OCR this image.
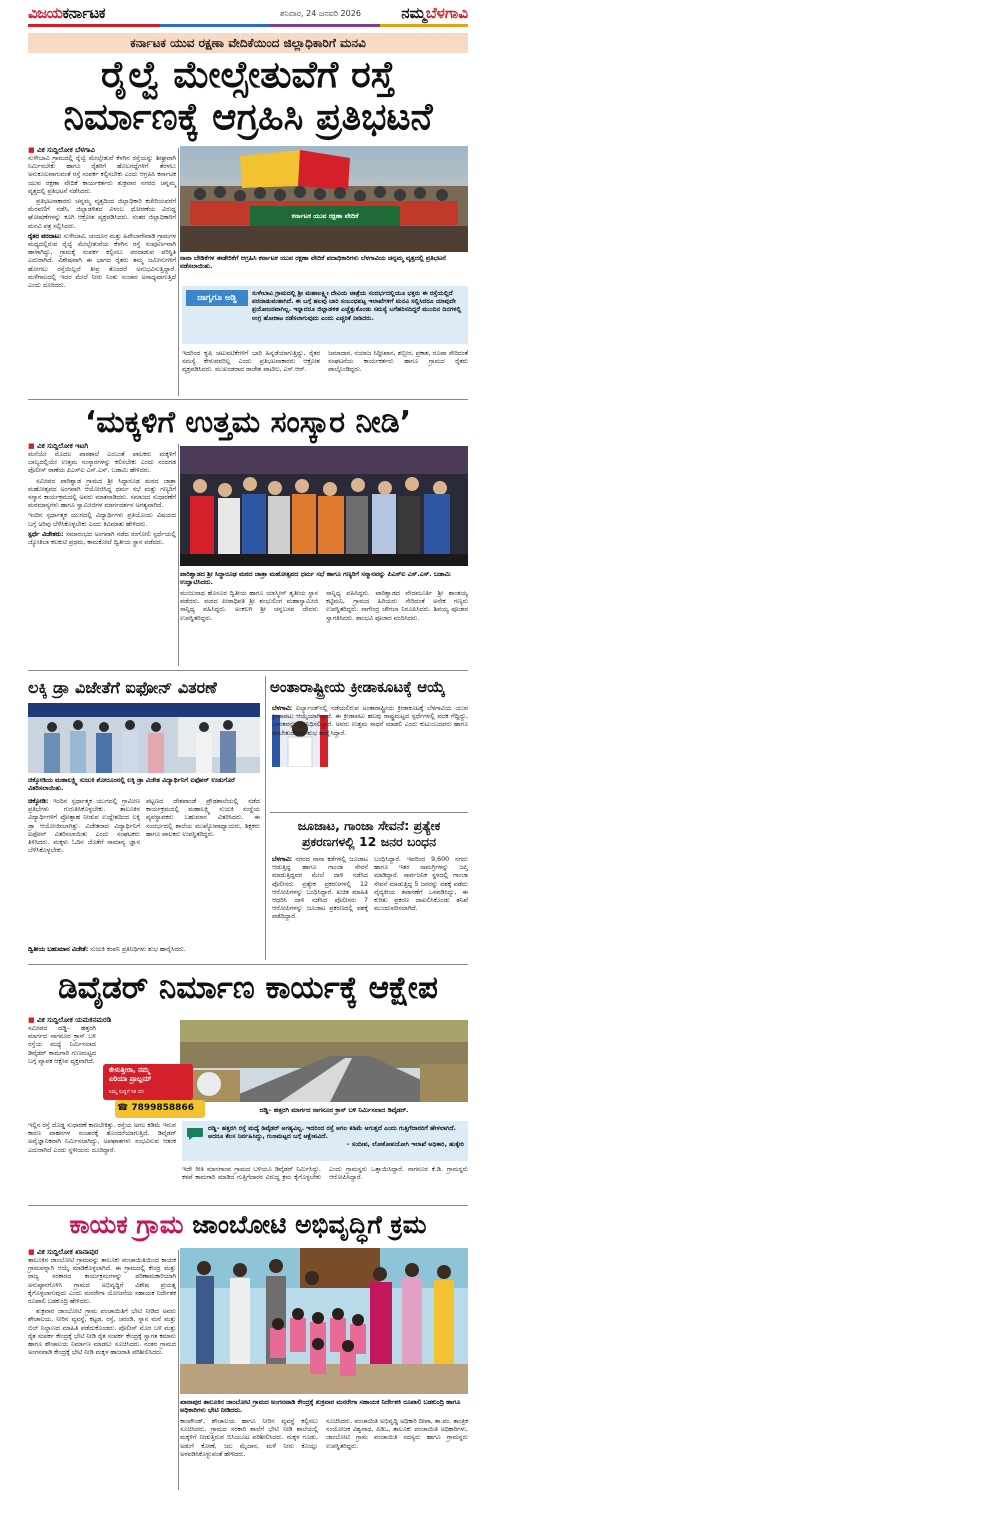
ವಿಜಯಕರ್ನಾಟಕ	ಶನಿವಾರ, 24 ಜನವರಿ 2026	ನಮ್ಮಬೆಳಗಾವಿ
ಕರ್ನಾಟಕ ಯುವ ರಕ್ಷಣಾ ವೇದಿಕೆಯಿಂದ ಜಿಲ್ಲಾಧಿಕಾರಿಗೆ ಮನವಿ
ರೈಲ್ವೆ ಮೇಲ್ಸೇತುವೆಗೆ ರಸ್ತೆ
ನಿರ್ಮಾಣಕ್ಕೆ ಆಗ್ರಹಿಸಿ ಪ್ರತಿಭಟನೆ
■ ವಿಕ ಸುದ್ದಿಲೋಕ ಬೆಳಗಾವಿ

ಸುಳೇಬಾವಿ ಗ್ರಾಮದಲ್ಲಿ ರೈಲ್ವೆ ಮೇಲ್ಸೇತುವೆ ಕೆಳಗಿನ ರಸ್ತೆಯನ್ನು ಶೀಘ್ರವಾಗಿ ನಿರ್ಮಿಸಬೇಕು ಹಾಗೂ ರೈತರಿಗೆ ಹೊಲಗದ್ದೆಗಳಿಗೆ ತೆರಳಲು ಅನುಕೂಲವಾಗುವಂತೆ ರಸ್ತೆ ಸಂಪರ್ಕ ಕಲ್ಪಿಸಬೇಕು ಎಂದು ಆಗ್ರಹಿಸಿ ಕರ್ನಾಟಕ ಯುವ ರಕ್ಷಣಾ ವೇದಿಕೆ ಕಾರ್ಯಕರ್ತರು ಶುಕ್ರವಾರ ನಗರದ ಚನ್ನಮ್ಮ ವೃತ್ತದಲ್ಲಿ ಪ್ರತಿಭಟನೆ ನಡೆಸಿದರು.

ಪ್ರತಿಭಟನಾಕಾರರು ಚನ್ನಮ್ಮ ವೃತ್ತದಿಂದ ಜಿಲ್ಲಾಧಿಕಾರಿ ಕಚೇರಿಯವರೆಗೆ ಮೆರವಣಿಗೆ ನಡೆಸಿ, ಜಿಲ್ಲಾಡಳಿತದ ವಿಳಂಬ ಧೋರಣೆಯ ವಿರುದ್ಧ ಘೋಷಣೆಗಳನ್ನು ಕೂಗಿ ಆಕ್ರೋಶ ವ್ಯಕ್ತಪಡಿಸಿದರು. ನಂತರ ಜಿಲ್ಲಾಧಿಕಾರಿಗೆ ಮನವಿ ಪತ್ರ ಸಲ್ಲಿಸಿದರು.

ರೈತರ ಪರದಾಟ: ಸುಳೇಬಾವಿ, ಚಂದೂರ ಮತ್ತು ಹಿರೇಬಾಗೇವಾಡಿ ಗ್ರಾಮಗಳ ಮಧ್ಯದಲ್ಲಿರುವ ರೈಲ್ವೆ ಮೇಲ್ಸೇತುವೆಯ ಕೆಳಗಿನ ರಸ್ತೆ ಸಂಪೂರ್ಣವಾಗಿ ಹಾಳಾಗಿದ್ದು, ಗ್ರಾಮಕ್ಕೆ ಸಂಪರ್ಕ ಕಲ್ಪಿಸಲು ಪರದಾಡುವ ಪರಿಸ್ಥಿತಿ ಎದುರಾಗಿದೆ. ವಿಶೇಷವಾಗಿ ಈ ಭಾಗದ ರೈತರು ತಮ್ಮ ಜಮೀನುಗಳಿಗೆ ಹೋಗಲು ರಸ್ತೆಯಿಲ್ಲದೆ ತೀವ್ರ ತೊಂದರೆ ಅನುಭವಿಸುತ್ತಿದ್ದಾರೆ. ಮಳೆಗಾಲದಲ್ಲಿ ಇದರ ಮೇಲೆ ನೀರು ನಿಂತು ಸಂಚಾರ ಅಸಾಧ್ಯವಾಗುತ್ತಿದೆ ಎಂದು ದೂರಿದರು.

ಕರ್ನಾಟಕ ಯುವ ರಕ್ಷಣಾ ವೇದಿಕೆ
ನಾನಾ ಬೇಡಿಕೆಗಳ ಈಡೇರಿಕೆಗೆ ಆಗ್ರಹಿಸಿ ಕರ್ನಾಟಕ ಯುವ ರಕ್ಷಣಾ ವೇದಿಕೆ ಪದಾಧಿಕಾರಿಗಳು ಬೆಳಗಾವಿಯ ಚನ್ನಮ್ಮ ವೃತ್ತದಲ್ಲಿ ಪ್ರತಿಭಟನೆ ನಡೆಸಲಾಯಿತು.
ಜಾಗೃಗೂ ಅಡ್ಡಿ	ಸುಳೇಬಾವಿ ಗ್ರಾಮದಲ್ಲಿ ಶ್ರೀ ಮಹಾಲಕ್ಷ್ಮೀ ದೇವಿಯ ಜಾತ್ರೆಯ ಸಂದರ್ಭದಲ್ಲಿಯೂ ಭಕ್ತರು ಈ ರಸ್ತೆಯಲ್ಲಿದೆ ಪರದಾಡುವಂತಾಗಿದೆ. ಈ ಬಗ್ಗೆ ಹಲವು ಬಾರಿ ಸಂಬಂಧಪಟ್ಟ ಇಲಾಖೆಗಳಿಗೆ ಮನವಿ ಸಲ್ಲಿಸಿದರೂ ಯಾವುದೇ ಪ್ರಯೋಜನವಾಗಿಲ್ಲ. ಇನ್ನಾದರೂ ಜಿಲ್ಲಾಡಳಿತ ಎಚ್ಚೆತ್ತುಕೊಂಡು ಸಮಸ್ಯೆ ಬಗೆಹರಿಸದಿದ್ದರೆ ಮುಂದಿನ ದಿನಗಳಲ್ಲಿ ಉಗ್ರ ಹೋರಾಟ ನಡೆಸಲಾಗುವುದು ಎಂದು ಎಚ್ಚರಿಕೆ ನೀಡಿದರು.

ಇದರಿಂದ ಕೃಷಿ ಚಟುವಟಿಕೆಗಳಿಗೆ ಭಾರಿ ಹಿನ್ನಡೆಯಾಗುತ್ತಿದ್ದು, ರೈತರ ಸಮಸ್ಯೆ ಕೇಳುವವರಿಲ್ಲ ಎಂದು ಪ್ರತಿಭಟನಾಕಾರರು ಆಕ್ರೋಶ ವ್ಯಕ್ತಪಡಿಸಿದರು. ಮುಖಂಡರಾದ ರಾಜೇಶ ಪಾಟೀಲ, ಎಸ್.ಆರ್.

ಜಮಾದಾರ, ನಯಾಜ ಸಿದ್ದೀಖಾನ, ಶಬ್ಬೀರ, ಪ್ರಕಾಶ, ರೂಪಾ ಸೇರಿದಂತೆ ಸಂಘಟನೆಯ ಕಾರ್ಯಕರ್ತರು ಹಾಗೂ ಗ್ರಾಮದ ರೈತರು ಪಾಲ್ಗೊಂಡಿದ್ದರು.

‘ಮಕ್ಕಳಿಗೆ ಉತ್ತಮ ಸಂಸ್ಕಾರ ನೀಡಿ’
■ ವಿಕ ಸುದ್ದಿಲೋಕ ಇಟಗಿ

ಮನೆಯೇ ಮೊದಲ ಪಾಠಶಾಲೆ ಎಂಬಂತೆ ಪಾಲಕರು ಮಕ್ಕಳಿಗೆ ಬಾಲ್ಯದಲ್ಲಿಯೇ ಉತ್ತಮ ಸಂಸ್ಕಾರಗಳನ್ನು ಕಲಿಸಬೇಕು ಎಂದು ನಂದಗಡ ಪೊಲೀಸ್ ಠಾಣೆಯ ಪಿಎಸ್ಐ ಎಸ್.ಎಸ್. ಬಡಾಮಿ ಹೇಳಿದರು.

ಸಮೀಪದ ಪಾರಿಶ್ವಾಡ ಗ್ರಾಮದ ಶ್ರೀ ಸಿದ್ಧಾರೂಢ ಮಠದ ಜಾತ್ರಾ ಮಹೋತ್ಸವದ ಅಂಗವಾಗಿ ಆಯೋಜಿಸಿದ್ದ ಧರ್ಮ ಸಭೆ ಮತ್ತು ಗಣ್ಯರಿಗೆ ಸನ್ಮಾನ ಕಾರ್ಯಕ್ರಮದಲ್ಲಿ ಅವರು ಮಾತನಾಡಿದರು. ಸಮಾಜದ ಸುಧಾರಣೆಗೆ ಮಠಮಾನ್ಯಗಳು ಹಾಗೂ ಸ್ವಾಮೀಜಿಗಳ ಮಾರ್ಗದರ್ಶನ ಅಗತ್ಯವಾಗಿದೆ.

ಇಂದಿನ ಸ್ಪರ್ಧಾತ್ಮಕ ಯುಗದಲ್ಲಿ ವಿದ್ಯಾರ್ಥಿಗಳು ಪ್ರತಿಯೊಂದು ವಿಷಯದ ಬಗ್ಗೆ ಅರಿವು ಬೆಳೆಸಿಕೊಳ್ಳಬೇಕು ಎಂದು ಕಿವಿಮಾತು ಹೇಳಿದರು.

ಸ್ಪರ್ಧೆ ವಿಜೇತರು: ಸಮಾರಂಭದ ಅಂಗವಾಗಿ ನಡೆದ ರಂಗೋಲಿ ಸ್ಪರ್ಧೆಯಲ್ಲಿ ಜ್ಯೋತಿಬಾ ಕಲಕುಟಿ ಪ್ರಥಮ, ಕಾಮಕೋಟೆ ದ್ವಿತೀಯ ಸ್ಥಾನ ಪಡೆದರು.

ಪಾರಿಶ್ವಾಡದ ಶ್ರೀ ಸಿದ್ಧಾರೂಢ ಮಠದ ಜಾತ್ರಾ ಮಹೋತ್ಸವದ ಧರ್ಮ ಸಭೆ ಹಾಗೂ ಗಣ್ಯರಿಗೆ ಸನ್ಮಾನವನ್ನು ಪಿಎಸ್ಐ ಎಸ್.ಎಸ್. ಬಡಾಮಿ ಉದ್ಘಾಟಿಸಿದರು.

ಮಂಜುನಾಥ ಹೊಸೂರ ದ್ವಿತೀಯ ಹಾಗೂ ಯಾಸ್ಮೀನ್ ತೃತೀಯ ಸ್ಥಾನ ಪಡೆದರು. ಮಠದ ಪೀಠಾಧಿಪತಿ ಶ್ರೀ ಶಂಭುಲಿಂಗ ಮಹಾಸ್ವಾಮೀಜಿ ಸಾನ್ನಿಧ್ಯ ವಹಿಸಿದ್ದರು. ಅಂಕಲಗಿ ಶ್ರೀ ಚನ್ನಬಸವ ದೇವರು ಉಪಸ್ಥಿತರಿದ್ದರು.

ಸಾನ್ನಿಧ್ಯ ವಹಿಸಿದ್ದರು. ಪಾರಿಶ್ವಾಡದ ವೇದಮೂರ್ತಿ ಶ್ರೀ ಶಾಂತಯ್ಯ ಕಟ್ಟಿಮನಿ, ಗ್ರಾಮದ ಹಿರಿಯರು ಸೇರಿದಂತೆ ಅನೇಕ ಗಣ್ಯರು ಉಪಸ್ಥಿತರಿದ್ದರು. ನಾಗೇಂದ್ರ ಚೌಗಲಾ ನಿರೂಪಿಸಿದರು. ಶಿವಯ್ಯ ಪೂಜಾರ ಸ್ವಾಗತಿಸಿದರು. ಶಾಂಭವಿ ಪೂಜಾರ ವಂದಿಸಿದರು.

ಲಕ್ಕಿ ಡ್ರಾ ವಿಜೇತೆಗೆ ಐಫೋನ್ ವಿತರಣೆ
ಚಿಕ್ಕೋಡಿಯ ಮಹಾಲಕ್ಷ್ಮಿ ಸುಜುಕಿ ಶೋರೂಂನಲ್ಲಿ ಲಕ್ಕಿ ಡ್ರಾ ವಿಜೇತ ವಿದ್ಯಾರ್ಥಿನಿಗೆ ಐಫೋನ್ ಉಡುಗೊರೆ ವಿತರಿಸಲಾಯಿತು.

ಚಿಕ್ಕೋಡಿ: ಇಂದಿನ ಸ್ಪರ್ಧಾತ್ಮಕ ಯುಗದಲ್ಲಿ ಗ್ರಾಮೀಣ ಪ್ರತಿಭೆಗಳು ಗುರುತಿಸಿಕೊಳ್ಳಬೇಕು. ತಾಲೂಕಿನ ವಿದ್ಯಾರ್ಥಿಗಳಿಗೆ ಪ್ರೋತ್ಸಾಹ ನೀಡುವ ಉದ್ದೇಶದಿಂದ ಲಕ್ಕಿ ಡ್ರಾ ಆಯೋಜಿಸಲಾಗಿತ್ತು. ವಿಜೇತರಾದ ವಿದ್ಯಾರ್ಥಿನಿಗೆ ಐಫೋನ್ ವಿತರಿಸಲಾಯಿತು ಎಂದು ಸಂಘಟಕರು ತಿಳಿಸಿದರು. ಮಕ್ಕಳು ಓದಿನ ಜೊತೆಗೆ ಸಾಮಾನ್ಯ ಜ್ಞಾನ ಬೆಳೆಸಿಕೊಳ್ಳಬೇಕು.

ಪಟ್ಟಣದ ದೇಶಪಾಂಡೆ ಪ್ರೌಢಶಾಲೆಯಲ್ಲಿ ನಡೆದ ಕಾರ್ಯಕ್ರಮದಲ್ಲಿ ಮಹಾಲಕ್ಷ್ಮಿ ಸುಜುಕಿ ಸಂಸ್ಥೆಯ ವ್ಯವಸ್ಥಾಪಕರು ಬಹುಮಾನ ವಿತರಿಸಿದರು. ಈ ಸಂದರ್ಭದಲ್ಲಿ ಶಾಲೆಯ ಮುಖ್ಯೋಪಾಧ್ಯಾಯರು, ಶಿಕ್ಷಕರು ಹಾಗೂ ಪಾಲಕರು ಉಪಸ್ಥಿತರಿದ್ದರು.

ದ್ವಿತೀಯ ಬಹುಮಾನ ವಿಜೇತೆ: ಸುಜುಕಿ ಕಂಪನಿ ಪ್ರತಿನಿಧಿಗಳು ಶುಭ ಹಾರೈಸಿದರು.

ಅಂತಾರಾಷ್ಟ್ರೀಯ ಕ್ರೀಡಾಕೂಟಕ್ಕೆ ಆಯ್ಕೆ

ಬೆಳಗಾವಿ: ಐರ್ಲ್ಯಾಂಡ್‌ನಲ್ಲಿ ನಡೆಯಲಿರುವ ಅಂತಾರಾಷ್ಟ್ರೀಯ ಕ್ರೀಡಾಕೂಟಕ್ಕೆ ಬೆಳಗಾವಿಯ ಯುವ ಕ್ರೀಡಾಪಟು ಆಯ್ಕೆಯಾಗಿದ್ದಾರೆ. ಈ ಕ್ರೀಡಾಪಟು ಹಲವು ರಾಷ್ಟ್ರಮಟ್ಟದ ಸ್ಪರ್ಧೆಗಳಲ್ಲಿ ಪದಕ ಗೆದ್ದಿದ್ದು, ಭಾರತವನ್ನು ಪ್ರತಿನಿಧಿಸಲಿದ್ದಾರೆ. ಅವರು ಉತ್ತಮ ಸಾಧನೆ ಮಾಡಲಿ ಎಂದು ಕುಟುಂಬದವರು ಹಾಗೂ ತರಬೇತುದಾರರು ಶುಭ ಹಾರೈಸಿದ್ದಾರೆ.

ಜೂಜಾಟ, ಗಾಂಜಾ ಸೇವನೆ: ಪ್ರತ್ಯೇಕ
ಪ್ರಕರಣಗಳಲ್ಲಿ 12 ಜನರ ಬಂಧನ

ಬೆಳಗಾವಿ: ನಗರದ ನಾನಾ ಕಡೆಗಳಲ್ಲಿ ಜೂಜಾಟ ಆಡುತ್ತಿದ್ದ ಹಾಗೂ ಗಾಂಜಾ ಸೇವನೆ ಮಾಡುತ್ತಿದ್ದವರ ಮೇಲೆ ದಾಳಿ ನಡೆಸಿದ ಪೊಲೀಸರು ಪ್ರತ್ಯೇಕ ಪ್ರಕರಣಗಳಲ್ಲಿ 12 ಆರೋಪಿಗಳನ್ನು ಬಂಧಿಸಿದ್ದಾರೆ. ಖಚಿತ ಮಾಹಿತಿ ಆಧರಿಸಿ ದಾಳಿ ನಡೆಸಿದ ಪೊಲೀಸರು 7 ಆರೋಪಿಗಳನ್ನು ಜೂಜಾಟ ಪ್ರಕರಣದಲ್ಲಿ ವಶಕ್ಕೆ ಪಡೆದಿದ್ದಾರೆ.

ಬಂಧಿಸಿದ್ದಾರೆ. ಇವರಿಂದ 9,600 ನಗದು ಹಾಗೂ ಇತರ ಸಾಮಗ್ರಿಗಳನ್ನು ಜಪ್ತಿ ಮಾಡಿದ್ದಾರೆ. ಸಾರ್ವಜನಿಕ ಸ್ಥಳದಲ್ಲಿ ಗಾಂಜಾ ಸೇವನೆ ಮಾಡುತ್ತಿದ್ದ 5 ಜನರನ್ನು ವಶಕ್ಕೆ ಪಡೆದು ವೈದ್ಯಕೀಯ ತಪಾಸಣೆಗೆ ಒಳಪಡಿಸಿದ್ದು, ಈ ಕುರಿತು ಪ್ರಕರಣ ದಾಖಲಿಸಿಕೊಂಡು ತನಿಖೆ ಮುಂದುವರಿಸಲಾಗಿದೆ.

ಡಿವೈಡರ್ ನಿರ್ಮಾಣ ಕಾರ್ಯಕ್ಕೆ ಆಕ್ಷೇಪ
■ ವಿಕ ಸುದ್ದಿಲೋಕ ಯಮಕನಮರಡಿ

ಸಮೀಪದ ದಡ್ಡಿ– ಹತ್ತರಗಿ ಮಾರ್ಗದ ನಾಗನೂರ ಕ್ರಾಸ್ ಬಳಿ ರಸ್ತೆಯ ಮಧ್ಯೆ ನಿರ್ಮಿಸಲಾದ ಡಿವೈಡರ್ ಕಾಮಗಾರಿ ಗುಣಮಟ್ಟದ ಬಗ್ಗೆ ವ್ಯಾಪಕ ಆಕ್ಷೇಪ ವ್ಯಕ್ತವಾಗಿದೆ.

ಇಲ್ಲಿನ ರಸ್ತೆ ದೊಡ್ಡ ಸುಧಾರಣೆ ಕಾಣಬೇಕಿತ್ತು. ರಸ್ತೆಯ ಅಗಲ ಕಡಿಮೆ ಇರುವ ಕಾರಣ ವಾಹನಗಳ ಸಂಚಾರಕ್ಕೆ ತೊಂದರೆಯಾಗುತ್ತಿದೆ. ಡಿವೈಡರ್ ಅವೈಜ್ಞಾನಿಕವಾಗಿ ನಿರ್ಮಿಸಲಾಗಿದ್ದು, ಅಪಘಾತಗಳು ಸಂಭವಿಸುವ ಆತಂಕ ಎದುರಾಗಿದೆ ಎಂದು ಸ್ಥಳೀಯರು ದೂರಿದ್ದಾರೆ.

ದಡ್ಡಿ– ಹತ್ತರಗಿ ಮಾರ್ಗದ ನಾಗನೂರ ಕ್ರಾಸ್ ಬಳಿ ನಿರ್ಮಿಸಲಾದ ಡಿವೈಡರ್.
ಕೇಳುತ್ತೀರಾ, ನಮ್ಮ
ಏರಿಯಾ ಪ್ರಾಬ್ಲಮ್
ನಿಮ್ಮ ಸುದ್ದಿಗೆ ನಿಕ ದನಿ
☎ 7899858866
ದಡ್ಡಿ– ಹತ್ತರಗಿ ರಸ್ತೆ ಮಧ್ಯೆ ಡಿವೈಡರ್ ಅಗತ್ಯವಿಲ್ಲ. ಇದರಿಂದ ರಸ್ತೆ ಅಗಲ ಕಡಿಮೆ ಆಗುತ್ತದೆ ಎಂದು ಗುತ್ತಿಗೆದಾರರಿಗೆ ಹೇಳಲಾಗಿದೆ. ಆದರೂ ಕೆಲಸ ನಿರ್ವಹಿಸಿದ್ದು, ಗುಣಮಟ್ಟದ ಬಗ್ಗೆ ಆಕ್ಷೇಪವಿದೆ.
– ಸಂದೀಪ, ಲೋಕೋಪಯೋಗಿ ಇಲಾಖೆ ಅಧಿಕಾರಿ, ಹುಕ್ಕೇರಿ

ಇದೇ ರೀತಿ ಮಾನಗಾಂವ ಗ್ರಾಮದ ಬಳಿಯೂ ಡಿವೈಡರ್ ನಿರ್ಮಿಸಿದ್ದು, ಕಳಪೆ ಕಾಮಗಾರಿ ಮಾಡಿದ ಗುತ್ತಿಗೆದಾರರ ವಿರುದ್ಧ ಕ್ರಮ ಕೈಗೊಳ್ಳಬೇಕು ಎಂದು ಗ್ರಾಮಸ್ಥರು ಒತ್ತಾಯಿಸಿದ್ದಾರೆ. ನಾಗನೂರ ಕೆ.ಡಿ. ಗ್ರಾಮಸ್ಥರು ಆರೋಪಿಸಿದ್ದಾರೆ.

ಕಾಯಕ ಗ್ರಾಮ ಜಾಂಬೋಟಿ ಅಭಿವೃದ್ಧಿಗೆ ಕ್ರಮ
■ ವಿಕ ಸುದ್ದಿಲೋಕ ಖಾನಾಪುರ

ತಾಲೂಕಿನ ಜಾಂಬೋಟಿ ಗ್ರಾಮವನ್ನು ತಾಲೂಕು ಪಂಚಾಯಿತಿಯಿಂದ ಕಾಯಕ ಗ್ರಾಮವನ್ನಾಗಿ ಆಯ್ಕೆ ಮಾಡಿಕೊಳ್ಳಲಾಗಿದೆ. ಈ ಗ್ರಾಮದಲ್ಲಿ ಕೇಂದ್ರ ಮತ್ತು ರಾಜ್ಯ ಸರಕಾರದ ಕಾರ್ಯಕ್ರಮಗಳನ್ನು ಪರಿಣಾಮಕಾರಿಯಾಗಿ ಅನುಷ್ಠಾನಗೊಳಿಸಿ ಗ್ರಾಮದ ಅಭಿವೃದ್ಧಿಗೆ ವಿಶೇಷ ಪ್ರಯತ್ನ ಕೈಗೊಳ್ಳಲಾಗುವುದು ಎಂದು ಮನರೇಗಾ ಯೋಜನೆಯ ಸಹಾಯಕ ನಿರ್ದೇಶಕ ರೂಪಾಲಿ ಬಡಕುಂದ್ರಿ ಹೇಳಿದರು.

ಶುಕ್ರವಾರ ಜಾಂಬೋಟಿ ಗ್ರಾಮ ಪಂಚಾಯಿತಿಗೆ ಭೇಟಿ ನೀಡಿದ ಅವರು ಶೌಚಾಲಯ, ನೀರಿನ ವ್ಯವಸ್ಥೆ, ಕಟ್ಟಡ, ರಸ್ತೆ, ಚರಂಡಿ, ಸ್ನಾನ ಮನೆ ಮತ್ತು ಬಿಲ್ ನಿಲ್ದಾಣದ ಮಾಹಿತಿ ಪಡೆದುಕೊಂಡರು. ಪೊಲೀಸ್ ಮೊರ ಬಳಿ ಮತ್ತು ರೈತ ಸಂಪರ್ಕ ಕೇಂದ್ರಕ್ಕೆ ಭೇಟಿ ನೀಡಿ ರೈತ ಸಂಪರ್ಕ ಕೇಂದ್ರಕ್ಕೆ ಸ್ವಾಗತ ಕಮಾನು ಹಾಗೂ ಶೌಚಾಲಯ ನಿರ್ಮಾಣ ಮಾಡಲು ಸೂಚಿಸಿದರು. ನಂತರ ಗ್ರಾಮದ ಅಂಗನವಾಡಿ ಕೇಂದ್ರಕ್ಕೆ ಭೇಟಿ ನೀಡಿ ಮಕ್ಕಳ ಹಾಜರಾತಿ ಪರಿಶೀಲಿಸಿದರು.

ಖಾನಾಪುರ ತಾಲೂಕಿನ ಜಾಂಬೋಟಿ ಗ್ರಾಮದ ಅಂಗನವಾಡಿ ಕೇಂದ್ರಕ್ಕೆ ಶುಕ್ರವಾರ ಮನರೇಗಾ ಸಹಾಯಕ ನಿರ್ದೇಶಕಿ ರೂಪಾಲಿ ಬಡಕುಂದ್ರಿ ಹಾಗೂ ಅಧಿಕಾರಿಗಳು ಭೇಟಿ ನೀಡಿದರು.

ಕಾಂಪೌಂಡ್, ಶೌಚಾಲಯ ಹಾಗೂ ನೀರಿನ ವ್ಯವಸ್ಥೆ ಕಲ್ಪಿಸಲು ಸೂಚಿಸಿದರು. ಗ್ರಾಮದ ಸರಕಾರಿ ಶಾಲೆಗೆ ಭೇಟಿ ನೀಡಿ ಶಾಲೆಯಲ್ಲಿ ಮಕ್ಕಳಿಗೆ ನೀಡುತ್ತಿರುವ ಬಿಸಿಯೂಟ ಪರಿಶೀಲಿಸಿದರು. ಮಕ್ಕಳ ಗೂಡು, ಅಡುಗೆ ಕೋಣೆ, ಜಲ ಮೈದಾನ, ಮಳೆ ನೀರು ಕೊಯ್ಲು ಅಳವಡಿಸಿಕೊಳ್ಳುವಂತೆ ಹೇಳಿದರು.

ಸೂಚಿಸಿದರು. ಪಂಚಾಯಿತಿ ಅಭಿವೃದ್ಧಿ ಅಧಿಕಾರಿ ದೀಪಾ, ತಾ.ಪಂ. ತಾಂತ್ರಿಕ ಸಂಯೋಜಕ ವಿಶ್ವನಾಥ, ಪಿಡಿಒ, ತಾಲೂಕು ಪಂಚಾಯಿತಿ ಅಧಿಕಾರಿಗಳು, ಜಾಂಬೋಟಿ ಗ್ರಾಮ ಪಂಚಾಯಿತಿ ಸದಸ್ಯರು ಹಾಗೂ ಗ್ರಾಮಸ್ಥರು ಉಪಸ್ಥಿತರಿದ್ದರು.
